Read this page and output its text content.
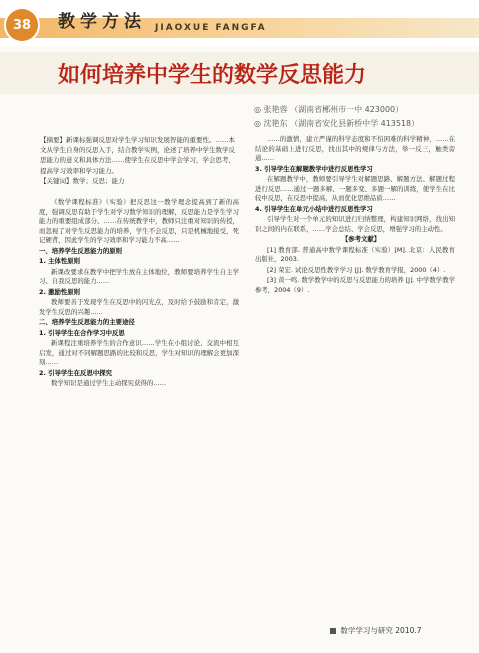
38	教学方法 JIAOXUE FANGFA
如何培养中学生的数学反思能力
◎ 张艳蓉 （湖南省郴州市一中 423000）
◎ 沈艳东 （湖南省安化县新桥中学 413518）
【摘要】新课标强调反思对学生学习知识发展智能的重要性。……本文从学生自身的反思入手，结合教学实例，论述了培养中学生数学反思能力的意义和具体方法……使学生在反思中学会学习，学会思考，提高学习效率和学习能力。
【关键词】数学；反思；能力

《数学课程标准》（实验）把反思这一教学理念提高到了新的高度，强调反思有助于学生对学习数学知识的理解，反思能力是学生学习能力的重要组成部分。……在传统教学中，教师只注重对知识的传授，而忽视了对学生反思能力的培养，学生不会反思，只是机械地接受，死记硬背，因此学生的学习效率和学习能力不高……

一、培养学生反思能力的原则

1. 主体性原则

新课改要求在教学中把学生放在主体地位，教师要培养学生自主学习、自我反思的能力……

2. 激励性原则

教师要善于发现学生在反思中的闪光点，及时给予鼓励和肯定，激发学生反思的兴趣……

二、培养学生反思能力的主要途径

1. 引导学生在合作学习中反思

新课程注重培养学生的合作意识……学生在小组讨论、交流中相互启发，通过对不同解题思路的比较和反思，学生对知识的理解会更加深刻……

2. 引导学生在反思中探究

数学知识是通过学生主动探究获得的……

……的激情，建立严谨的科学态度和不怕困难的科学精神，……在结论的基础上进行反思，找出其中的规律与方法，举一反三，触类旁通……

3. 引导学生在解题教学中进行反思性学习

在解题教学中，教师要引导学生对解题思路、解题方法、解题过程进行反思……通过一题多解、一题多变、多题一解的训练，使学生在比较中反思，在反思中提高，从而优化思维品质……

4. 引导学生在单元小结中进行反思性学习

引导学生对一个单元的知识进行归纳整理，构建知识网络，找出知识之间的内在联系，……学会总结、学会反思，增强学习的主动性。

【参考文献】

[1] 教育部. 普通高中数学课程标准（实验）[M]. 北京：人民教育出版社，2003.

[2] 荣宏. 试论反思性教学学习 [J]. 数学教育学报，2000（4）.

[3] 黄一鸣. 数学教学中的反思与反思能力的培养 [J]. 中学数学教学参考，2004（9）.

数学学习与研究 2010.7
